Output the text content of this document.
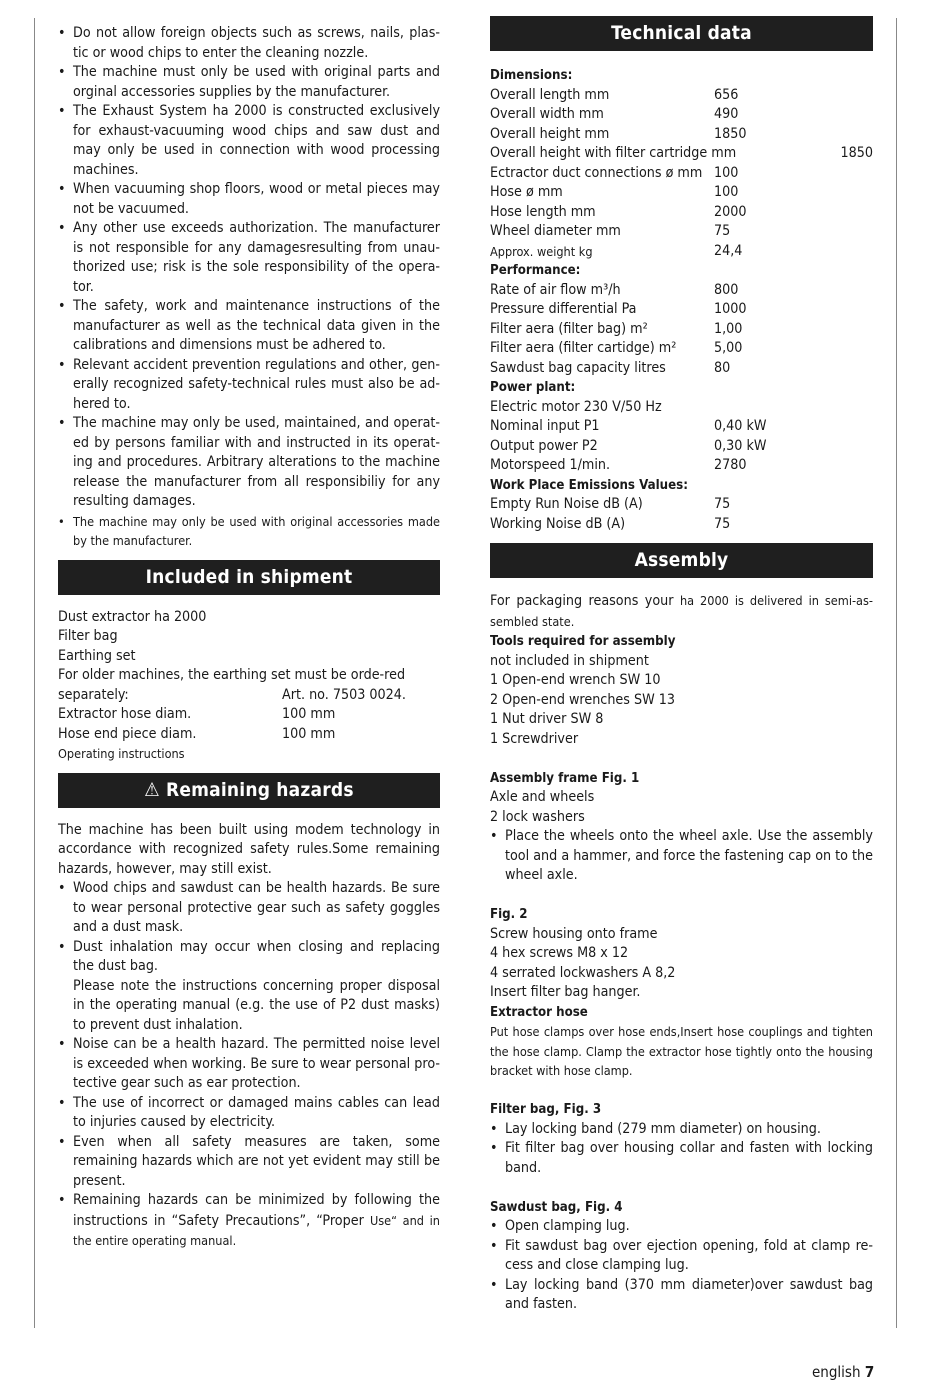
• Do not allow foreign objects such as screws, nails, plas-tic or wood chips to enter the cleaning nozzle.
• The machine must only be used with original parts and orginal accessories supplies by the manufacturer.
• The Exhaust System ha 2000 is constructed exclusively for exhaust-vacuuming wood chips and saw dust and may only be used in connection with wood processing machines.
• When vacuuming shop floors, wood or metal pieces may not be vacuumed.
• Any other use exceeds authorization. The manufacturer is not responsible for any damagesresulting from unau-thorized use; risk is the sole responsibility of the opera-tor.
• The safety, work and maintenance instructions of the manufacturer as well as the technical data given in the calibrations and dimensions must be adhered to.
• Relevant accident prevention regulations and other, gen-erally recognized safety-technical rules must also be ad-hered to.
• The machine may only be used, maintained, and operat-ed by persons familiar with and instructed in its operat-ing and procedures. Arbitrary alterations to the machine release the manufacturer from all responsibiliy for any resulting damages.
• The machine may only be used with original accessories made by the manufacturer.
Included in shipment
Dust extractor ha 2000
Filter bag
Earthing set
For older machines, the earthing set must be orde-red
separately:	Art. no. 7503 0024.
Extractor hose diam.	100 mm
Hose end piece diam.	100 mm
Operating instructions
⚠ Remaining hazards
The machine has been built using modem technology in accordance with recognized safety rules.Some remaining hazards, however, may still exist.
• Wood chips and sawdust can be health hazards. Be sure to wear personal protective gear such as safety goggles and a dust mask.
• Dust inhalation may occur when closing and replacing the dust bag.
Please note the instructions concerning proper disposal in the operating manual (e.g. the use of P2 dust masks) to prevent dust inhalation.
• Noise can be a health hazard. The permitted noise level is exceeded when working. Be sure to wear personal pro-tective gear such as ear protection.
• The use of incorrect or damaged mains cables can lead to injuries caused by electricity.
• Even when all safety measures are taken, some remaining hazards which are not yet evident may still be present.
• Remaining hazards can be minimized by following the instructions in “Safety Precautions”, “Proper Use“ and in the entire operating manual.
Technical data
Dimensions:
Overall length mm	656
Overall width mm	490
Overall height mm	1850
Overall height with filter cartridge mm	1850
Ectractor duct connections ø mm 100
Hose ø mm	100
Hose length mm	2000
Wheel diameter mm	75
Approx. weight kg	24,4
Performance:
Rate of air flow m³/h	800
Pressure differential Pa	1000
Filter aera (filter bag) m²	1,00
Filter aera (filter cartidge) m²	5,00
Sawdust bag capacity litres	80
Power plant:
Electric motor 230 V/50 Hz
Nominal input P1	0,40 kW
Output power P2	0,30 kW
Motorspeed 1/min.	2780
Work Place Emissions Values:
Empty Run Noise dB (A)	75
Working Noise dB (A)	75
Assembly
For packaging reasons your ha 2000 is delivered in semi-as-sembled state.
Tools required for assembly
not included in shipment
1 Open-end wrench SW 10
2 Open-end wrenches SW 13
1 Nut driver SW 8
1 Screwdriver
Assembly frame Fig. 1
Axle and wheels
2 lock washers
• Place the wheels onto the wheel axle. Use the assembly tool and a hammer, and force the fastening cap on to the wheel axle.
Fig. 2
Screw housing onto frame
4 hex screws M8 x 12
4 serrated lockwashers A 8,2
Insert filter bag hanger.
Extractor hose
Put hose clamps over hose ends,Insert hose couplings and tighten the hose clamp. Clamp the extractor hose tightly onto the housing bracket with hose clamp.
Filter bag, Fig. 3
• Lay locking band (279 mm diameter) on housing.
• Fit filter bag over housing collar and fasten with locking band.
Sawdust bag, Fig. 4
• Open clamping lug.
• Fit sawdust bag over ejection opening, fold at clamp re-cess and close clamping lug.
• Lay locking band (370 mm diameter)over sawdust bag and fasten.
english 7
